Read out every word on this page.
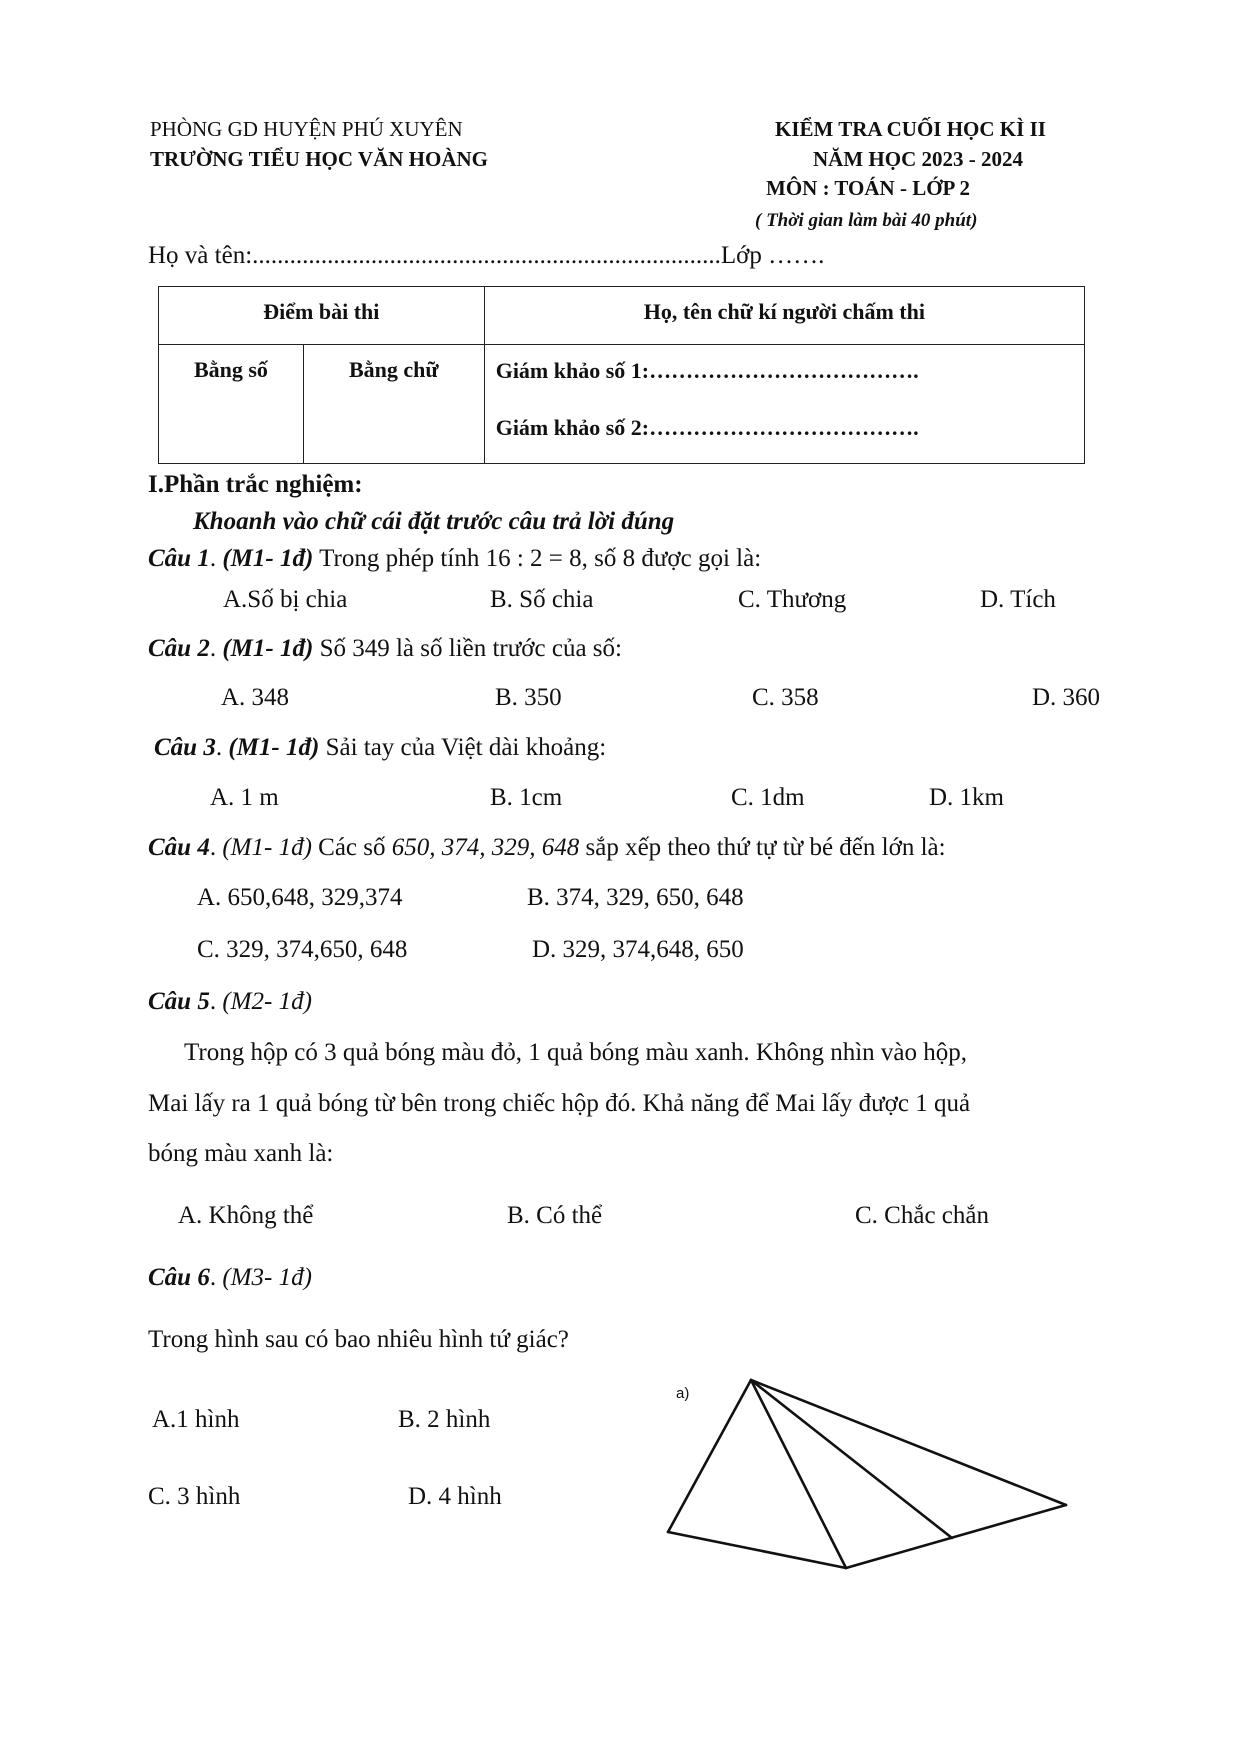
PHÒNG GD HUYỆN PHÚ XUYÊN
TRƯỜNG TIỂU HỌC VĂN HOÀNG
KIỂM TRA CUỐI HỌC KÌ II
NĂM HỌC 2023 - 2024
MÔN : TOÁN - LỚP 2
( Thời gian làm bài 40 phút)
Họ và tên:...........................................................................Lớp …….
Điểm bài thi		Họ, tên chữ kí người chấm thi

Bằng số	Bằng chữ	Giám khảo số 1:……………………………….
Giám khảo số 2:……………………………….
I.Phần trắc nghiệm:
Khoanh vào chữ cái đặt trước câu trả lời đúng
Câu 1. (M1- 1đ) Trong phép tính 16 : 2 = 8, số 8 được gọi là:
A.Số bị chia	B. Số chia	C. Thương	D. Tích
Câu 2. (M1- 1đ) Số 349 là số liền trước của số:
A. 348	B. 350	C. 358	D. 360
Câu 3. (M1- 1đ) Sải tay của Việt dài khoảng:
A. 1 m	B. 1cm	C. 1dm	D. 1km
Câu 4. (M1- 1đ) Các số 650, 374, 329, 648 sắp xếp theo thứ tự từ bé đến lớn là:
A. 650,648, 329,374	B. 374, 329, 650, 648
C. 329, 374,650, 648	D. 329, 374,648, 650
Câu 5. (M2- 1đ)
Trong hộp có 3 quả bóng màu đỏ, 1 quả bóng màu xanh. Không nhìn vào hộp,
Mai lấy ra 1 quả bóng từ bên trong chiếc hộp đó. Khả năng để Mai lấy được 1 quả
bóng màu xanh là:
A. Không thể	B. Có thể	C. Chắc chắn
Câu 6. (M3- 1đ)
Trong hình sau có bao nhiêu hình tứ giác?
A.1 hình	B. 2 hình
C. 3 hình	D. 4 hình
a)
